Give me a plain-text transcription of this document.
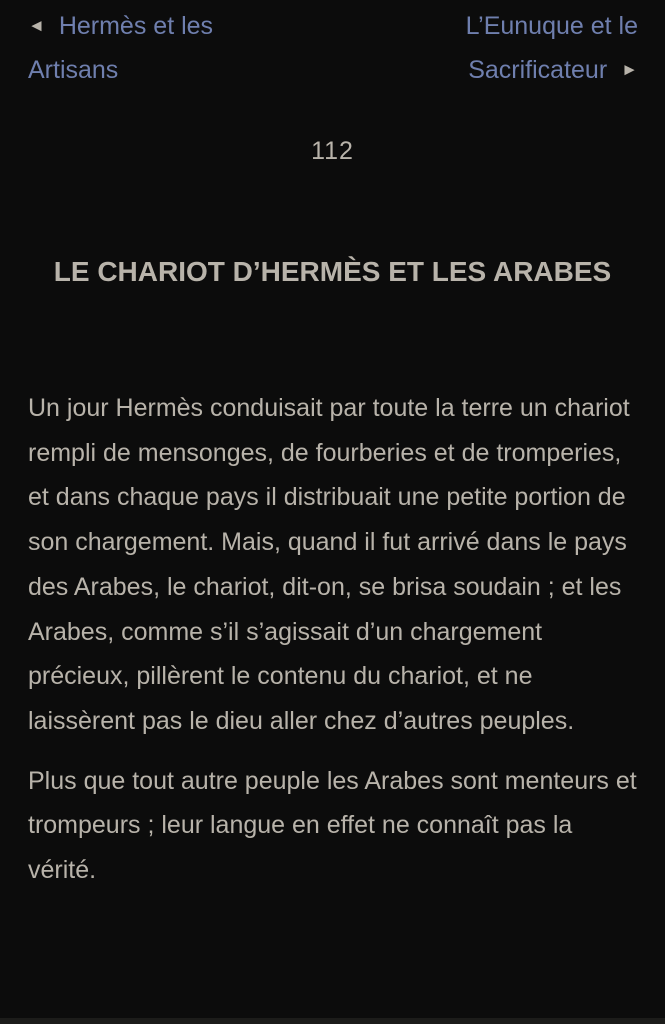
◄ Hermès et les
Artisans
L’Eunuque et le
Sacrificateur ►
112
LE CHARIOT D’HERMÈS ET LES ARABES

Un jour Hermès conduisait par toute la terre un chariot rempli de mensonges, de fourberies et de tromperies, et dans chaque pays il distribuait une petite portion de son chargement. Mais, quand il fut arrivé dans le pays des Arabes, le chariot, dit-on, se brisa soudain ; et les Arabes, comme s’il s’agissait d’un chargement précieux, pillèrent le contenu du chariot, et ne laissèrent pas le dieu aller chez d’autres peuples.

Plus que tout autre peuple les Arabes sont menteurs et trompeurs ; leur langue en effet ne connaît pas la vérité.
